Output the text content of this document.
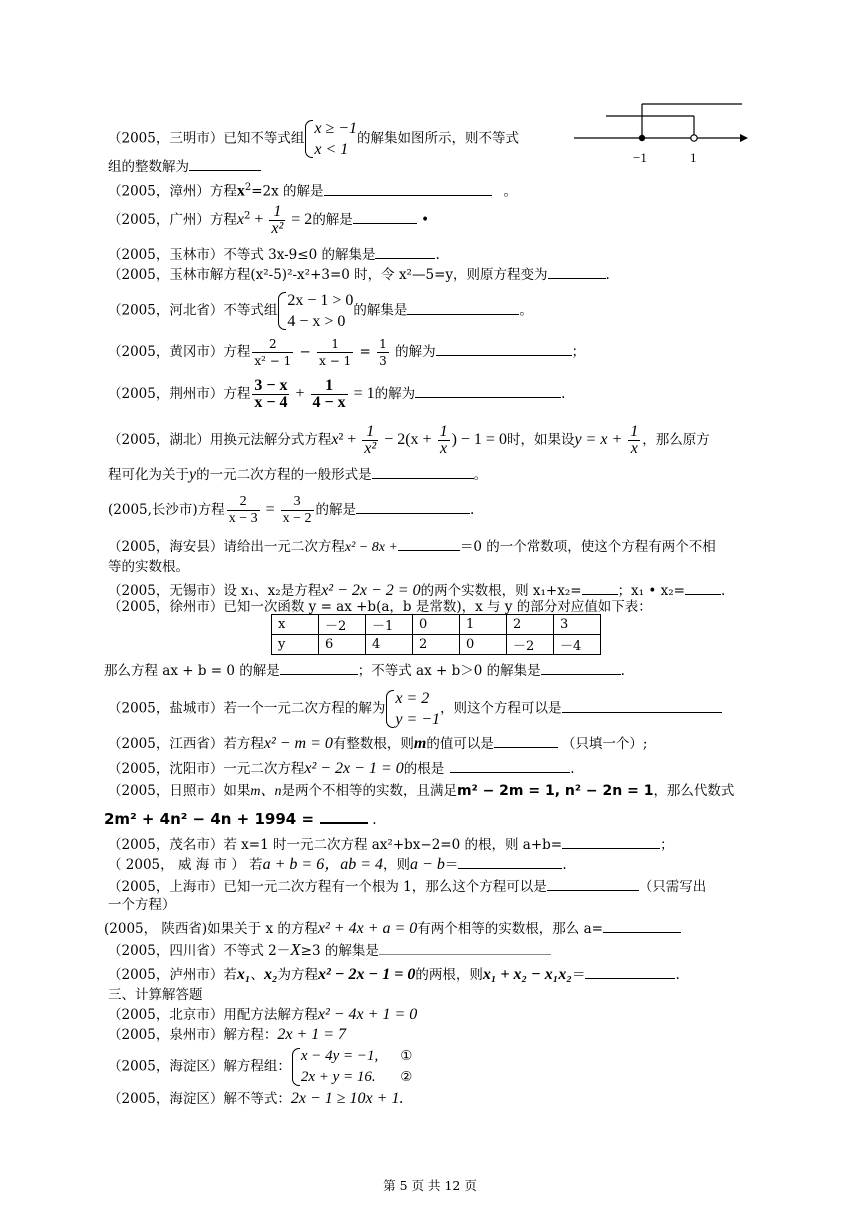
（2005，三明市）已知不等式组
x ≥ −1
x < 1
的解集如图所示，则不等式
组的整数解为
−1	1
（2005，漳州）方程$x^2=2x$ 的解是	。
（2005，广州）方程$x^2 + \frac{1}{\text{x²}} = 2$的解是	•
（2005，玉林市）不等式 3x-9≤0 的解集是	.
（2005，玉林市解方程(x²-5)²-x²+3=0 时，令 x²—5=y，则原方程变为	.
（2005，河北省）不等式组
2x − 1 > 0
4 − x > 0
的解集是	。
（2005，黄冈市）方程 $\frac{2}{\text{x² − 1}} - \frac{1}{x - 1} = \frac{1}{3}$ 的解为	；
（2005，荆州市）方程 $\frac{3 - x}{x - 4} + \frac{1}{4 - x} = 1$的解为	.
（2005，湖北）用换元法解分式方程$x^2 + \frac{1}{\text{x²}} - 2(x + \frac{1}{x}$ ) − 1 = 0时，如果设$y = x + \frac{1}{x}$ ，那么原方
程可化为关于y的一元二次方程的一般形式是	。
(2005,长沙市)方程 $\frac{2}{x - 3} = \frac{3}{x - 2}$ 的解是	.
（2005，海安县）请给出一元二次方程x² − 8x +	＝0 的一个常数项，使这个方程有两个不相
等的实数根。
（2005，无锡市）设 x₁、x₂是方程x² − 2x − 2 = 0的两个实数根，则 x₁+x₂=	；x₁ • x₂=	.
（2005，徐州市）已知一次函数 y = ax +b(a，b 是常数)，x 与 y 的部分对应值如下表：
x	－2	－1	0	1	2	3
y	6	4	2	0	－2	－4
那么方程 ax + b = 0 的解是	；不等式 ax + b＞0 的解集是	.
（2005，盐城市）若一个一元二次方程的解为
x = 2
y = −1
，则这个方程可以是
（2005，江西省）若方程x² − m = 0有整数根，则m的值可以是	（只填一个）;
（2005，沈阳市）一元二次方程x² − 2x − 1 = 0的根是	.
（2005，日照市）如果m、n是两个不相等的实数，且满足m² − 2m = 1, n² − 2n = 1，那么代数式
2m² + 4n² − 4n + 1994 =	.
（2005，茂名市）若 x=1 时一元二次方程 ax²+bx−2=0 的根，则 a+b=	；
（ 2005， 威 海 市 ） 若a + b = 6，ab = 4，则a − b＝	.
（2005，上海市）已知一元二次方程有一个根为 1，那么这个方程可以是	（只需写出
一个方程）
(2005， 陕西省)如果关于 x 的方程x² + 4x + a = 0有两个相等的实数根，那么 a=
（2005，四川省）不等式 2－X≥3 的解集是
（2005，泸州市）若x₁、x₂为方程x² − 2x − 1 = 0的两根，则x₁ + x₂ − x₁x₂＝	.
三、计算解答题
（2005，北京市）用配方法解方程x² − 4x + 1 = 0
（2005，泉州市）解方程：2x + 1 = 7
（2005，海淀区）解方程组：
x − 4y = −1,
2x + y = 16.
①
②
（2005，海淀区）解不等式：2x − 1 ≥ 10x + 1.
第 5 页 共 12 页
